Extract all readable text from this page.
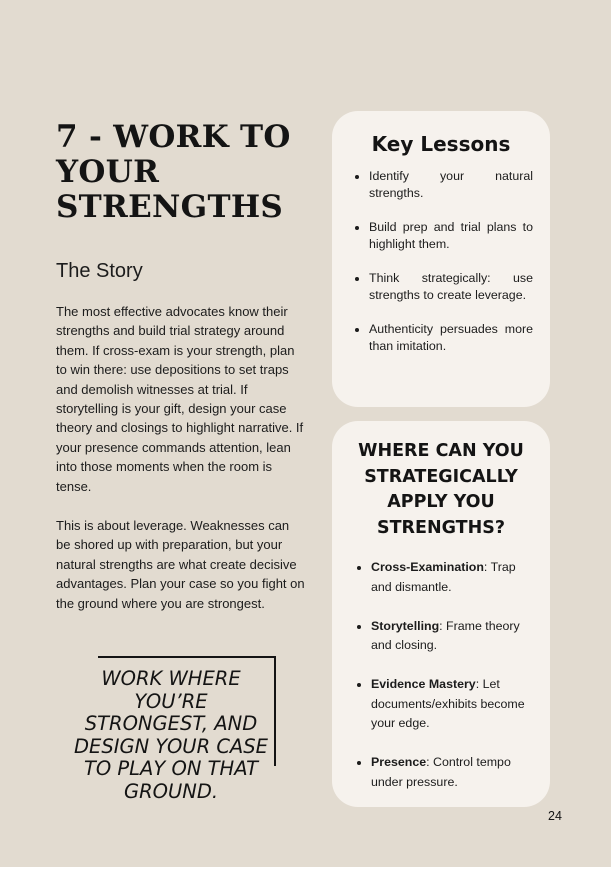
7 - WORK TO YOUR STRENGTHS
The Story

The most effective advocates know their strengths and build trial strategy around them. If cross-exam is your strength, plan to win there: use depositions to set traps and demolish witnesses at trial. If storytelling is your gift, design your case theory and closings to highlight narrative. If your presence commands attention, lean into those moments when the room is tense.

This is about leverage. Weaknesses can be shored up with preparation, but your natural strengths are what create decisive advantages. Plan your case so you fight on the ground where you are strongest.

WORK WHERE YOU’RE STRONGEST, AND DESIGN YOUR CASE TO PLAY ON THAT GROUND.

Key Lessons
Identify your natural strengths.
Build prep and trial plans to highlight them.
Think strategically: use strengths to create leverage.
Authenticity persuades more than imitation.
WHERE CAN YOU STRATEGICALLY APPLY YOU STRENGTHS?
Cross-Examination: Trap and dismantle.
Storytelling: Frame theory and closing.
Evidence Mastery: Let documents/exhibits become your edge.
Presence: Control tempo under pressure.
24
